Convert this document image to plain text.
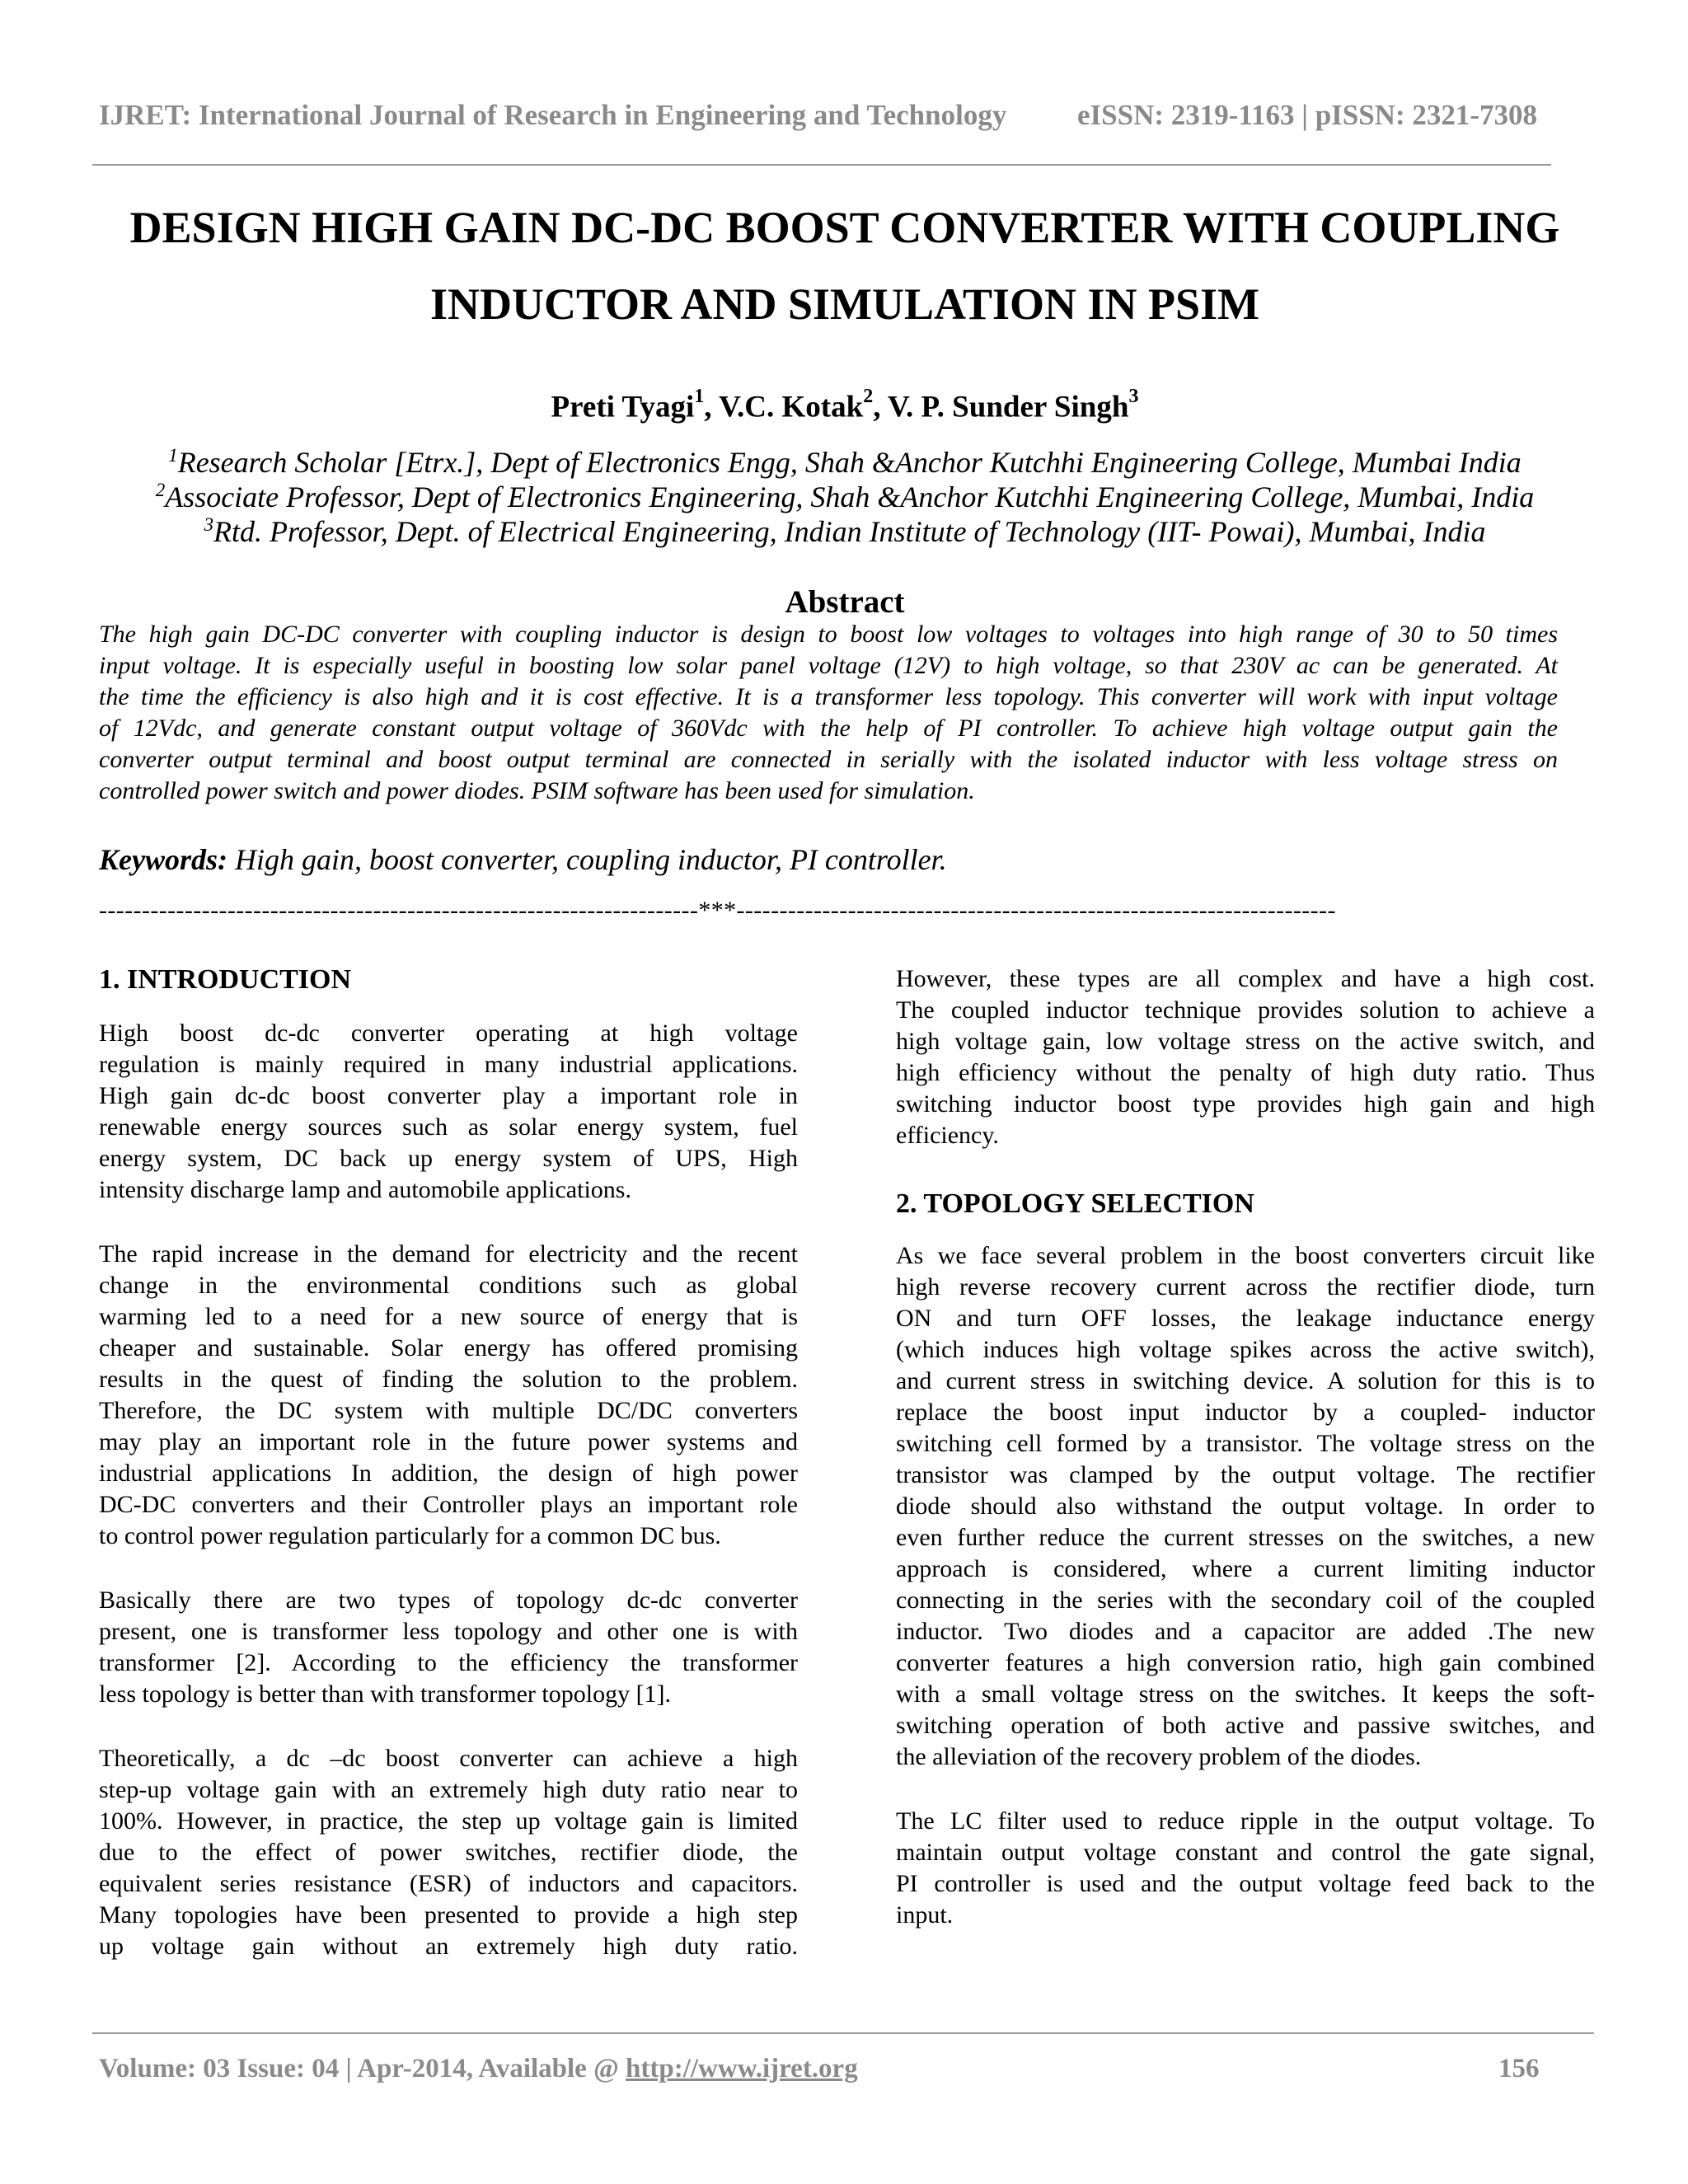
IJRET: International Journal of Research in Engineering and Technology eISSN: 2319-1163 | pISSN: 2321-7308
DESIGN HIGH GAIN DC-DC BOOST CONVERTER WITH COUPLING
INDUCTOR AND SIMULATION IN PSIM
Preti Tyagi$^1$, V.C. Kotak$^2$, V. P. Sunder Singh$^3$
$^1$Research Scholar [Etrx.], Dept of Electronics Engg, Shah &Anchor Kutchhi Engineering College, Mumbai India
$^2$Associate Professor, Dept of Electronics Engineering, Shah &Anchor Kutchhi Engineering College, Mumbai, India
$^3$Rtd. Professor, Dept. of Electrical Engineering, Indian Institute of Technology (IIT- Powai), Mumbai, India
Abstract
The high gain DC-DC converter with coupling inductor is design to boost low voltages to voltages into high range of 30 to 50 times
input voltage. It is especially useful in boosting low solar panel voltage (12V) to high voltage, so that 230V ac can be generated. At
the time the efficiency is also high and it is cost effective. It is a transformer less topology. This converter will work with input voltage
of 12Vdc, and generate constant output voltage of 360Vdc with the help of PI controller. To achieve high voltage output gain the
converter output terminal and boost output terminal are connected in serially with the isolated inductor with less voltage stress on
controlled power switch and power diodes. PSIM software has been used for simulation.
Keywords: High gain, boost converter, coupling inductor, PI controller.
----------------------------------------------------------------------***----------------------------------------------------------------------
1. INTRODUCTION
High boost dc-dc converter operating at high voltage
regulation is mainly required in many industrial applications.
High gain dc-dc boost converter play a important role in
renewable energy sources such as solar energy system, fuel
energy system, DC back up energy system of UPS, High
intensity discharge lamp and automobile applications.
The rapid increase in the demand for electricity and the recent
change in the environmental conditions such as global
warming led to a need for a new source of energy that is
cheaper and sustainable. Solar energy has offered promising
results in the quest of finding the solution to the problem.
Therefore, the DC system with multiple DC/DC converters
may play an important role in the future power systems and
industrial applications In addition, the design of high power
DC-DC converters and their Controller plays an important role
to control power regulation particularly for a common DC bus.
Basically there are two types of topology dc-dc converter
present, one is transformer less topology and other one is with
transformer [2]. According to the efficiency the transformer
less topology is better than with transformer topology [1].
Theoretically, a dc –dc boost converter can achieve a high
step-up voltage gain with an extremely high duty ratio near to
100%. However, in practice, the step up voltage gain is limited
due to the effect of power switches, rectifier diode, the
equivalent series resistance (ESR) of inductors and capacitors.
Many topologies have been presented to provide a high step
up voltage gain without an extremely high duty ratio.
However, these types are all complex and have a high cost.
The coupled inductor technique provides solution to achieve a
high voltage gain, low voltage stress on the active switch, and
high efficiency without the penalty of high duty ratio. Thus
switching inductor boost type provides high gain and high
efficiency.
2. TOPOLOGY SELECTION
As we face several problem in the boost converters circuit like
high reverse recovery current across the rectifier diode, turn
ON and turn OFF losses, the leakage inductance energy
(which induces high voltage spikes across the active switch),
and current stress in switching device. A solution for this is to
replace the boost input inductor by a coupled- inductor
switching cell formed by a transistor. The voltage stress on the
transistor was clamped by the output voltage. The rectifier
diode should also withstand the output voltage. In order to
even further reduce the current stresses on the switches, a new
approach is considered, where a current limiting inductor
connecting in the series with the secondary coil of the coupled
inductor. Two diodes and a capacitor are added .The new
converter features a high conversion ratio, high gain combined
with a small voltage stress on the switches. It keeps the soft-
switching operation of both active and passive switches, and
the alleviation of the recovery problem of the diodes.
The LC filter used to reduce ripple in the output voltage. To
maintain output voltage constant and control the gate signal,
PI controller is used and the output voltage feed back to the
input.
Volume: 03 Issue: 04 | Apr-2014, Available @ http://www.ijret.org	156
